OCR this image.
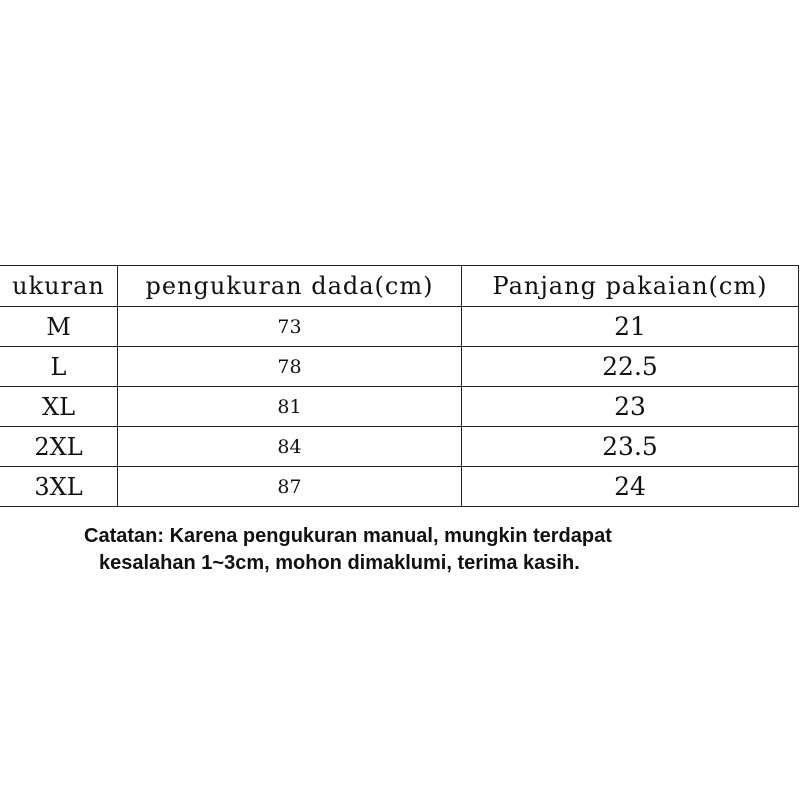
ukuran	pengukuran dada(cm)	Panjang pakaian(cm)
M	73	21
L	78	22.5
XL	81	23
2XL	84	23.5
3XL	87	24

Catatan: Karena pengukuran manual, mungkin terdapat
kesalahan 1~3cm, mohon dimaklumi, terima kasih.
